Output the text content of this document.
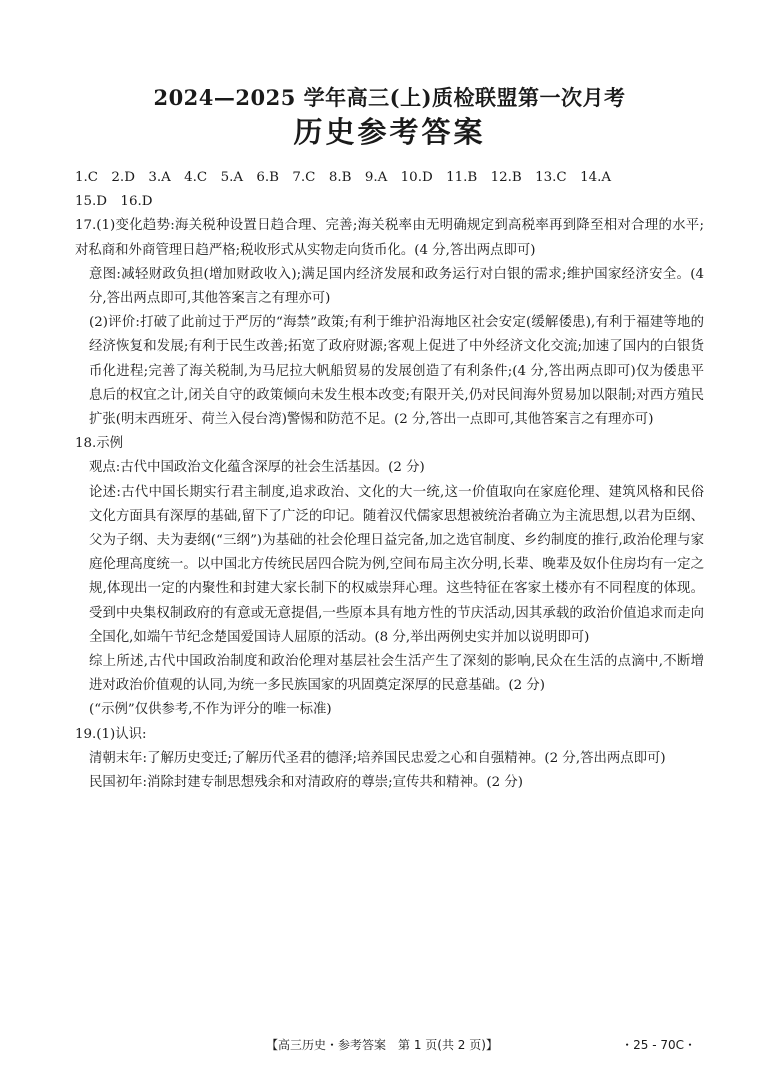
2024—2025 学年高三(上)质检联盟第一次月考
历史参考答案

1.C　2.D　3.A　4.C　5.A　6.B　7.C　8.B　9.A　10.D　11.B　12.B　13.C　14.A

15.D　16.D

17.(1)变化趋势:海关税种设置日趋合理、完善;海关税率由无明确规定到高税率再到降至相对合理的水平;对私商和外商管理日趋严格;税收形式从实物走向货币化。(4 分,答出两点即可)

意图:减轻财政负担(增加财政收入);满足国内经济发展和政务运行对白银的需求;维护国家经济安全。(4 分,答出两点即可,其他答案言之有理亦可)

(2)评价:打破了此前过于严厉的“海禁”政策;有利于维护沿海地区社会安定(缓解倭患),有利于福建等地的经济恢复和发展;有利于民生改善;拓宽了政府财源;客观上促进了中外经济文化交流;加速了国内的白银货币化进程;完善了海关税制,为马尼拉大帆船贸易的发展创造了有利条件;(4 分,答出两点即可)仅为倭患平息后的权宜之计,闭关自守的政策倾向未发生根本改变;有限开关,仍对民间海外贸易加以限制;对西方殖民扩张(明末西班牙、荷兰入侵台湾)警惕和防范不足。(2 分,答出一点即可,其他答案言之有理亦可)

18.示例

观点:古代中国政治文化蕴含深厚的社会生活基因。(2 分)

论述:古代中国长期实行君主制度,追求政治、文化的大一统,这一价值取向在家庭伦理、建筑风格和民俗文化方面具有深厚的基础,留下了广泛的印记。随着汉代儒家思想被统治者确立为主流思想,以君为臣纲、父为子纲、夫为妻纲(“三纲”)为基础的社会伦理日益完备,加之选官制度、乡约制度的推行,政治伦理与家庭伦理高度统一。以中国北方传统民居四合院为例,空间布局主次分明,长辈、晚辈及奴仆住房均有一定之规,体现出一定的内聚性和封建大家长制下的权威崇拜心理。这些特征在客家土楼亦有不同程度的体现。受到中央集权制政府的有意或无意提倡,一些原本具有地方性的节庆活动,因其承载的政治价值追求而走向全国化,如端午节纪念楚国爱国诗人屈原的活动。(8 分,举出两例史实并加以说明即可)

综上所述,古代中国政治制度和政治伦理对基层社会生活产生了深刻的影响,民众在生活的点滴中,不断增进对政治价值观的认同,为统一多民族国家的巩固奠定深厚的民意基础。(2 分)

(“示例”仅供参考,不作为评分的唯一标准)

19.(1)认识:

清朝末年:了解历史变迁;了解历代圣君的德泽;培养国民忠爱之心和自强精神。(2 分,答出两点即可)

民国初年:消除封建专制思想残余和对清政府的尊崇;宣传共和精神。(2 分)

【高三历史・参考答案　第 1 页(共 2 页)】	・25 - 70C・
